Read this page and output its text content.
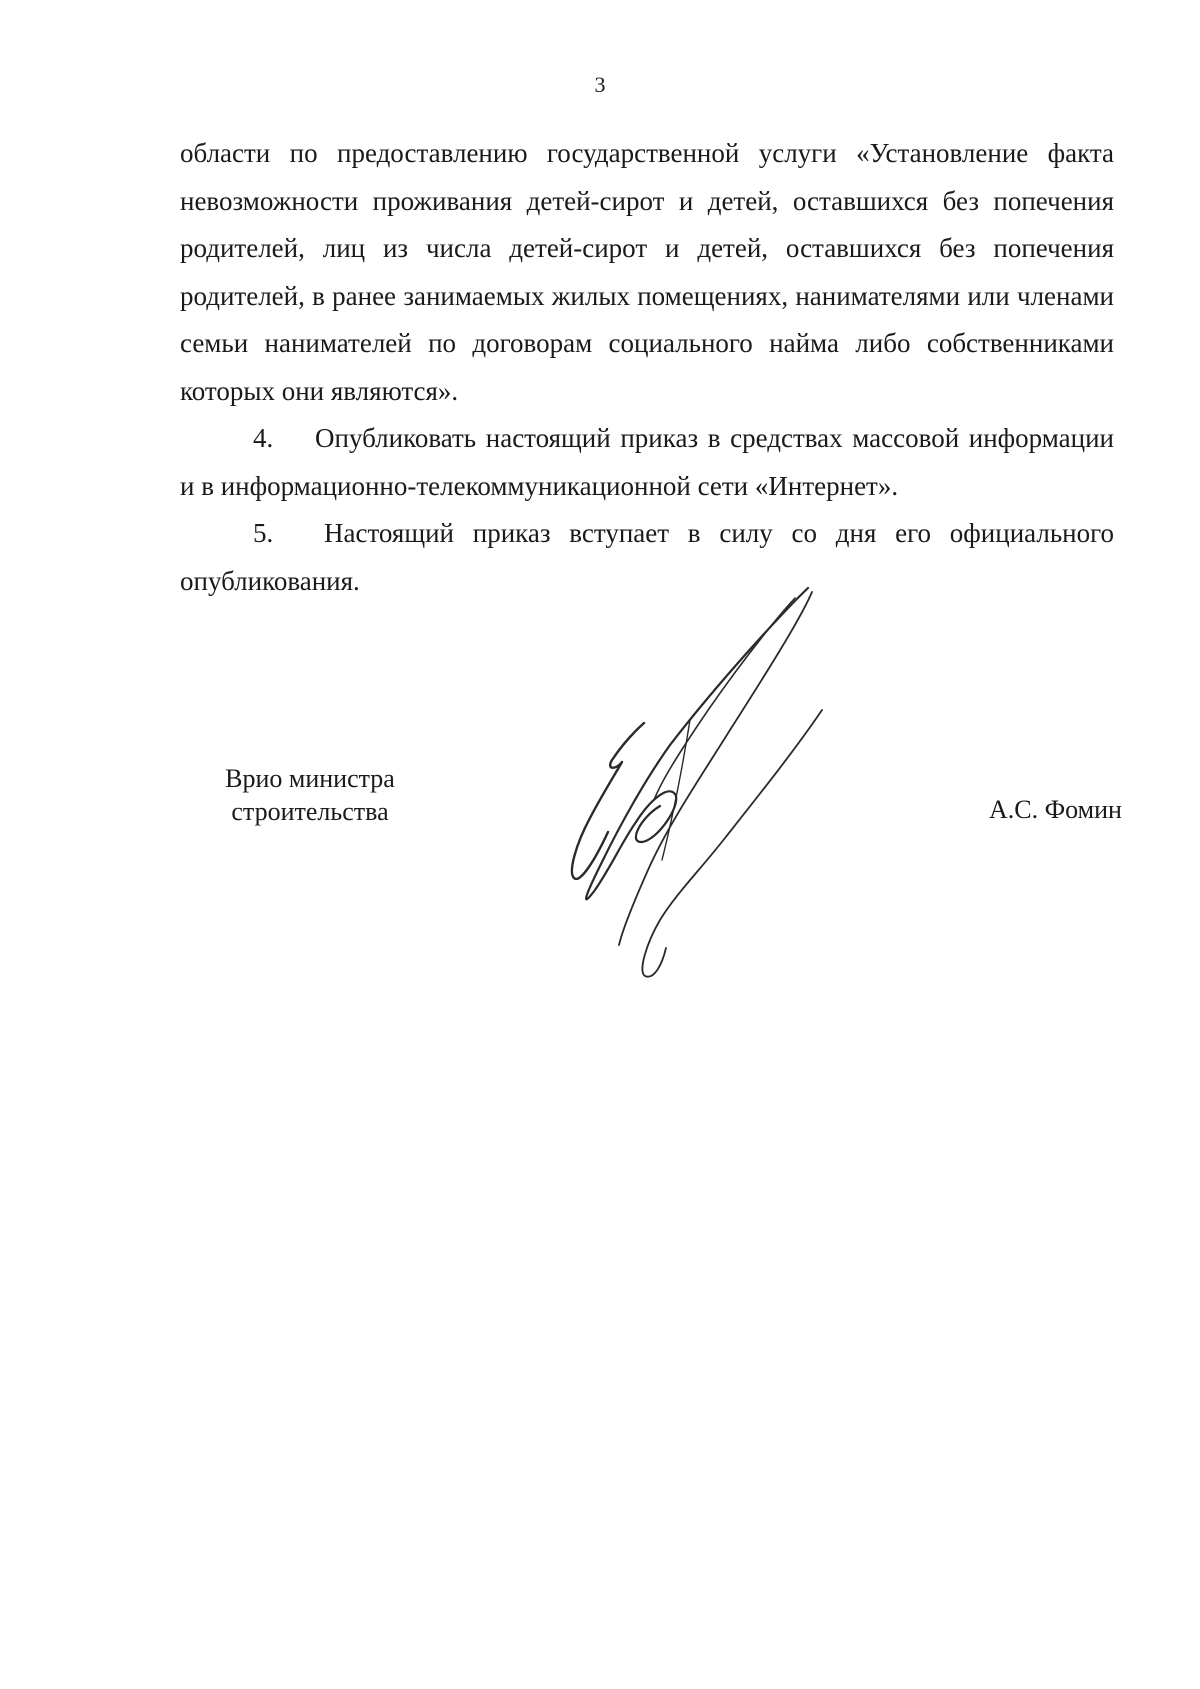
3

области по предоставлению государственной услуги «Установление факта невозможности проживания детей-сирот и детей, оставшихся без попечения родителей, лиц из числа детей-сирот и детей, оставшихся без попечения родителей, в ранее занимаемых жилых помещениях, нанимателями или членами семьи нанимателей по договорам социального найма либо собственниками которых они являются».

4. Опубликовать настоящий приказ в средствах массовой информации и в информационно-телекоммуникационной сети «Интернет».

5. Настоящий приказ вступает в силу со дня его официального опубликования.

Врио министра
строительства	А.С. Фомин
